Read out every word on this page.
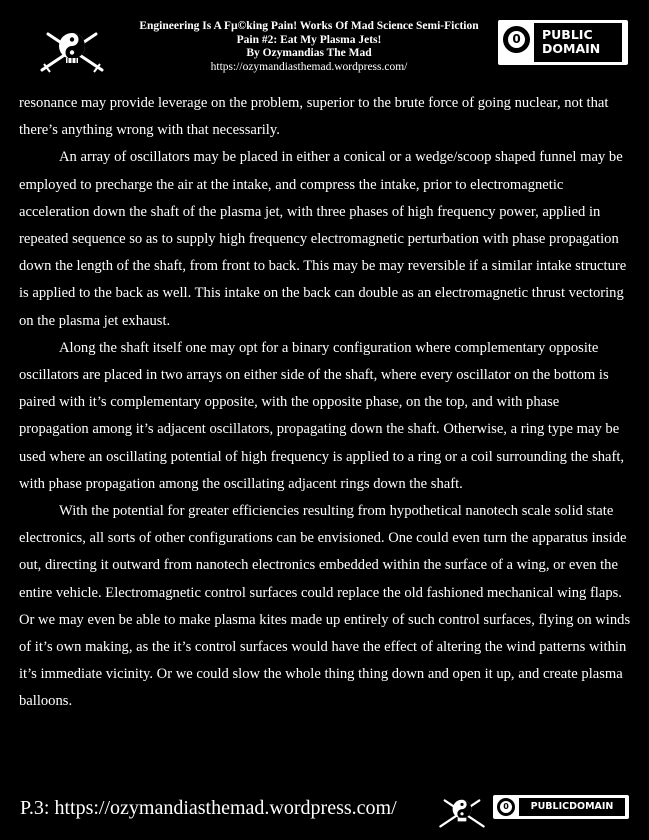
Engineering Is A Fµ©king Pain! Works Of Mad Science Semi-Fiction
Pain #2: Eat My Plasma Jets!
By Ozymandias The Mad
https://ozymandiasthemad.wordpress.com/
0	PUBLIC
DOMAIN

resonance may provide leverage on the problem, superior to the brute force of going nuclear, not that there’s anything wrong with that necessarily.

An array of oscillators may be placed in either a conical or a wedge/scoop shaped funnel may be employed to precharge the air at the intake, and compress the intake, prior to electromagnetic acceleration down the shaft of the plasma jet, with three phases of high frequency power, applied in repeated sequence so as to supply high frequency electromagnetic perturbation with phase propagation down the length of the shaft, from front to back. This may be may reversible if a similar intake structure is applied to the back as well. This intake on the back can double as an electromagnetic thrust vectoring on the plasma jet exhaust.

Along the shaft itself one may opt for a binary configuration where complementary opposite oscillators are placed in two arrays on either side of the shaft, where every oscillator on the bottom is paired with it’s complementary opposite, with the opposite phase, on the top, and with phase propagation among it’s adjacent oscillators, propagating down the shaft. Otherwise, a ring type may be used where an oscillating potential of high frequency is applied to a ring or a coil surrounding the shaft, with phase propagation among the oscillating adjacent rings down the shaft.

With the potential for greater efficiencies resulting from hypothetical nanotech scale solid state electronics, all sorts of other configurations can be envisioned. One could even turn the apparatus inside out, directing it outward from nanotech electronics embedded within the surface of a wing, or even the entire vehicle. Electromagnetic control surfaces could replace the old fashioned mechanical wing flaps. Or we may even be able to make plasma kites made up entirely of such control surfaces, flying on winds of it’s own making, as the it’s control surfaces would have the effect of altering the wind patterns within it’s immediate vicinity. Or we could slow the whole thing thing down and open it up, and create plasma balloons.

P.3: https://ozymandiasthemad.wordpress.com/	0	PUBLICDOMAIN
